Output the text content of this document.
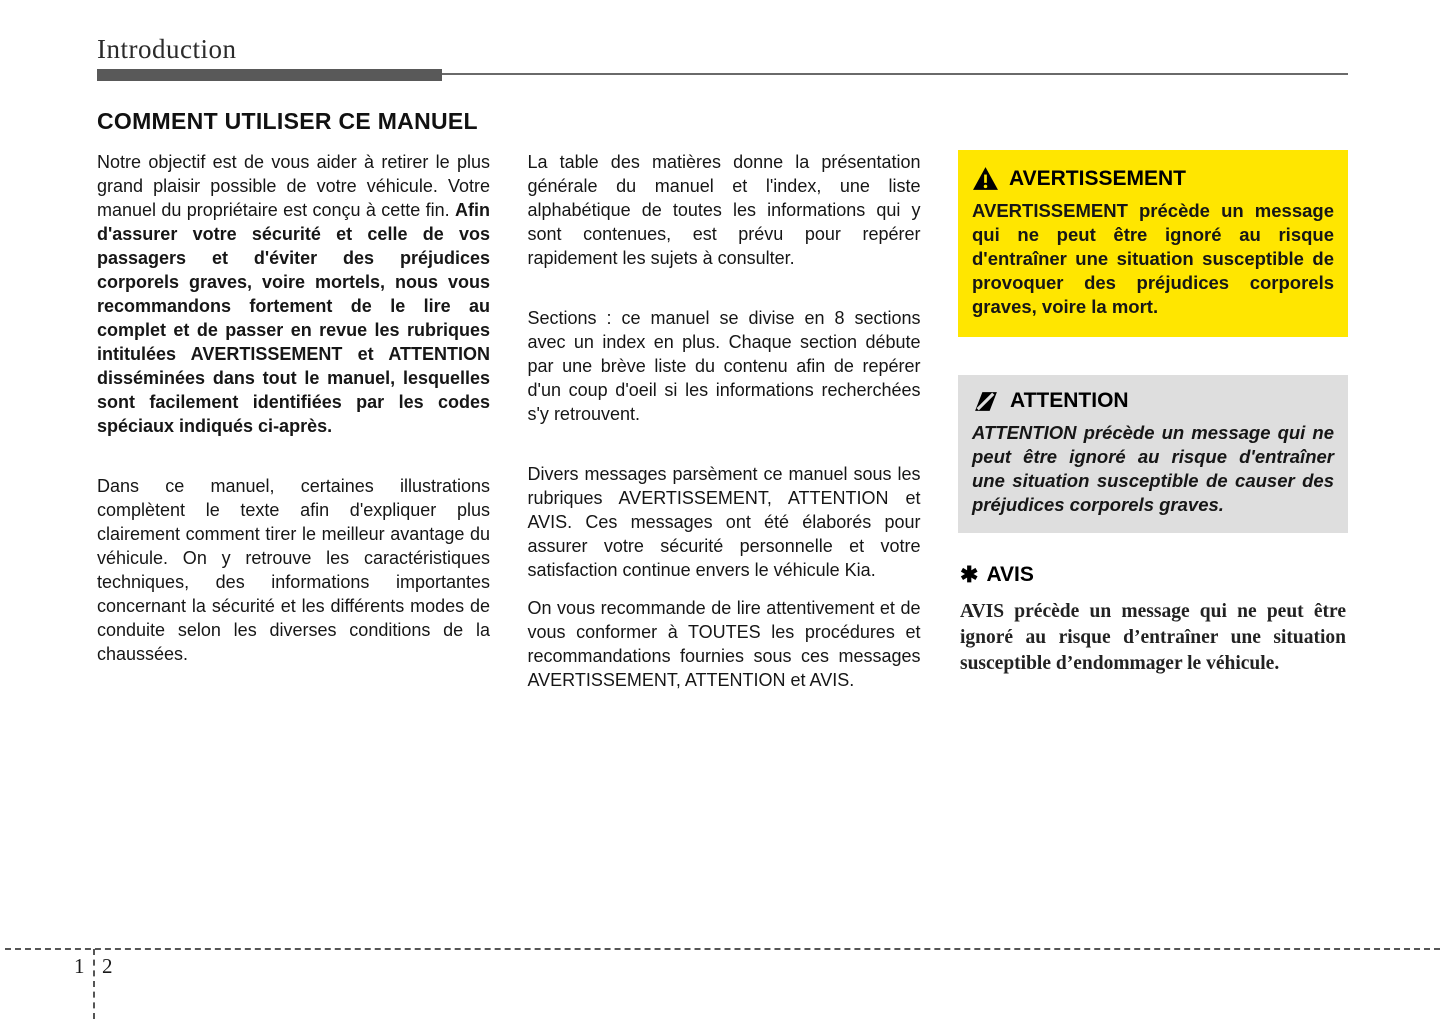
Introduction
COMMENT UTILISER CE MANUEL

Notre objectif est de vous aider à retirer le plus grand plaisir possible de votre véhicule. Votre manuel du propriétaire est conçu à cette fin. Afin d'assurer votre sécurité et celle de vos passagers et d'éviter des préjudices corporels graves, voire mortels, nous vous recommandons fortement de le lire au complet et de passer en revue les rubriques intitulées AVERTISSEMENT et ATTENTION disséminées dans tout le manuel, lesquelles sont facilement identifiées par les codes spéciaux indiqués ci-après.

Dans ce manuel, certaines illustrations complètent le texte afin d'expliquer plus clairement comment tirer le meilleur avantage du véhicule. On y retrouve les caractéristiques techniques, des informations importantes concernant la sécurité et les différents modes de conduite selon les diverses conditions de la chaussées.

La table des matières donne la présentation générale du manuel et l'index, une liste alphabétique de toutes les informations qui y sont contenues, est prévu pour repérer rapidement les sujets à consulter.

Sections : ce manuel se divise en 8 sections avec un index en plus. Chaque section débute par une brève liste du contenu afin de repérer d'un coup d'oeil si les informations recherchées s'y retrouvent.

Divers messages parsèment ce manuel sous les rubriques AVERTISSEMENT, ATTENTION et AVIS. Ces messages ont été élaborés pour assurer votre sécurité personnelle et votre satisfaction continue envers le véhicule Kia.

On vous recommande de lire attentivement et de vous conformer à TOUTES les procédures et recommandations fournies sous ces messages AVERTISSEMENT, ATTENTION et AVIS.

AVERTISSEMENT

AVERTISSEMENT précède un message qui ne peut être ignoré au risque d'entraîner une situation susceptible de provoquer des préjudices corporels graves, voire la mort.

ATTENTION

ATTENTION précède un message qui ne peut être ignoré au risque d'entraîner une situation susceptible de causer des préjudices corporels graves.

✱ AVIS

AVIS précède un message qui ne peut être ignoré au risque d’entraîner une situation susceptible d’endommager le véhicule.

1 2
